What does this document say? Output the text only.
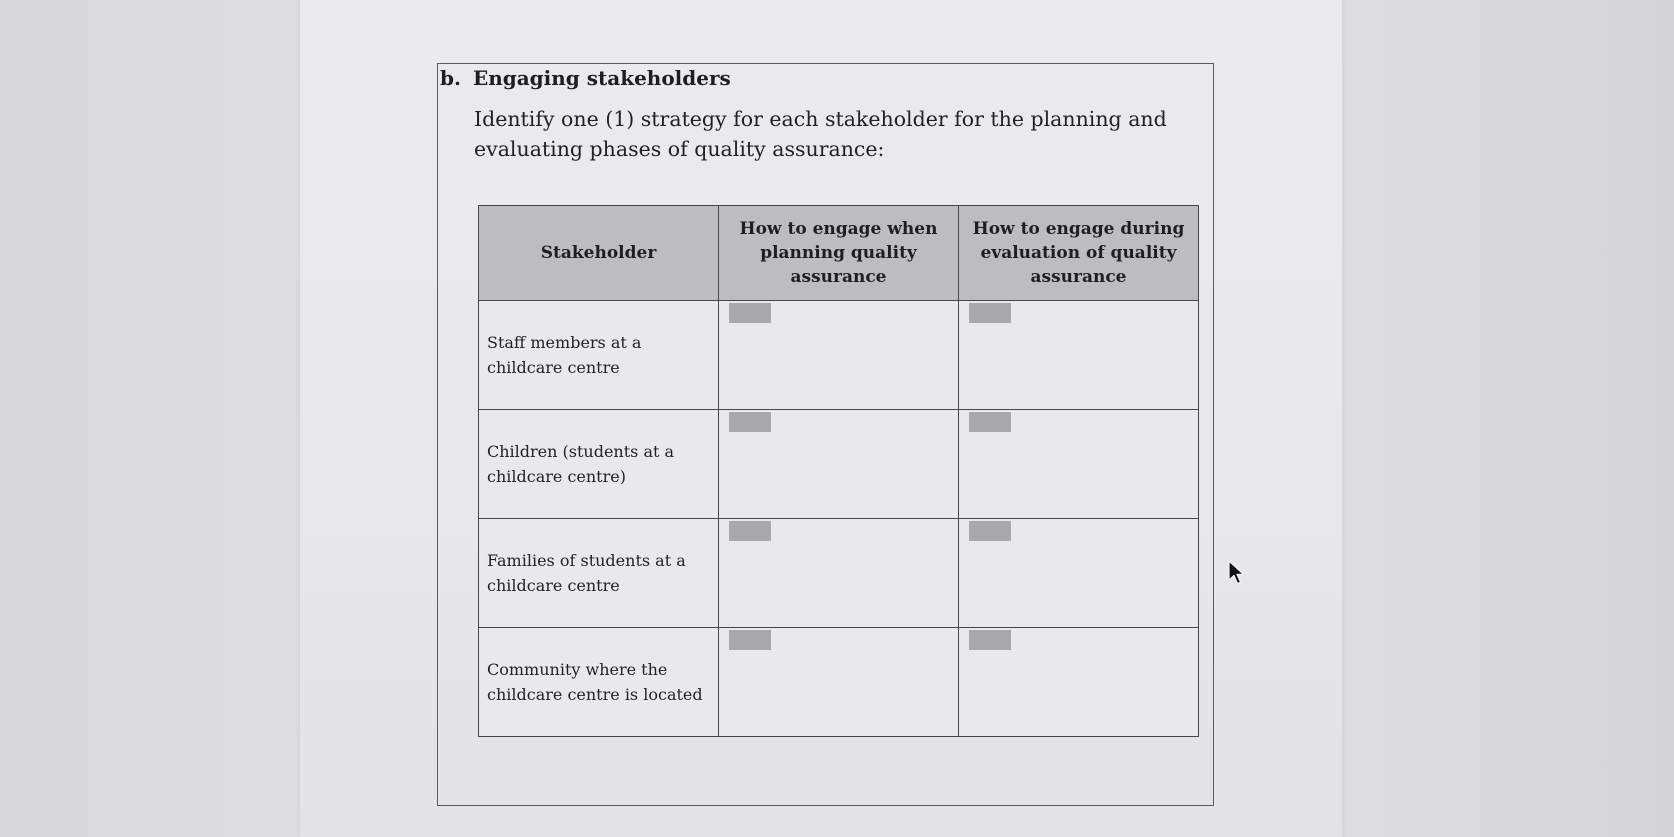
b. Engaging stakeholders

Identify one (1) strategy for each stakeholder for the planning and evaluating phases of quality assurance:

Stakeholder	How to engage when planning quality assurance	How to engage during evaluation of quality assurance
Staff members at a childcare centre	

Children (students at a childcare centre)	

Families of students at a childcare centre	

Community where the childcare centre is located	
